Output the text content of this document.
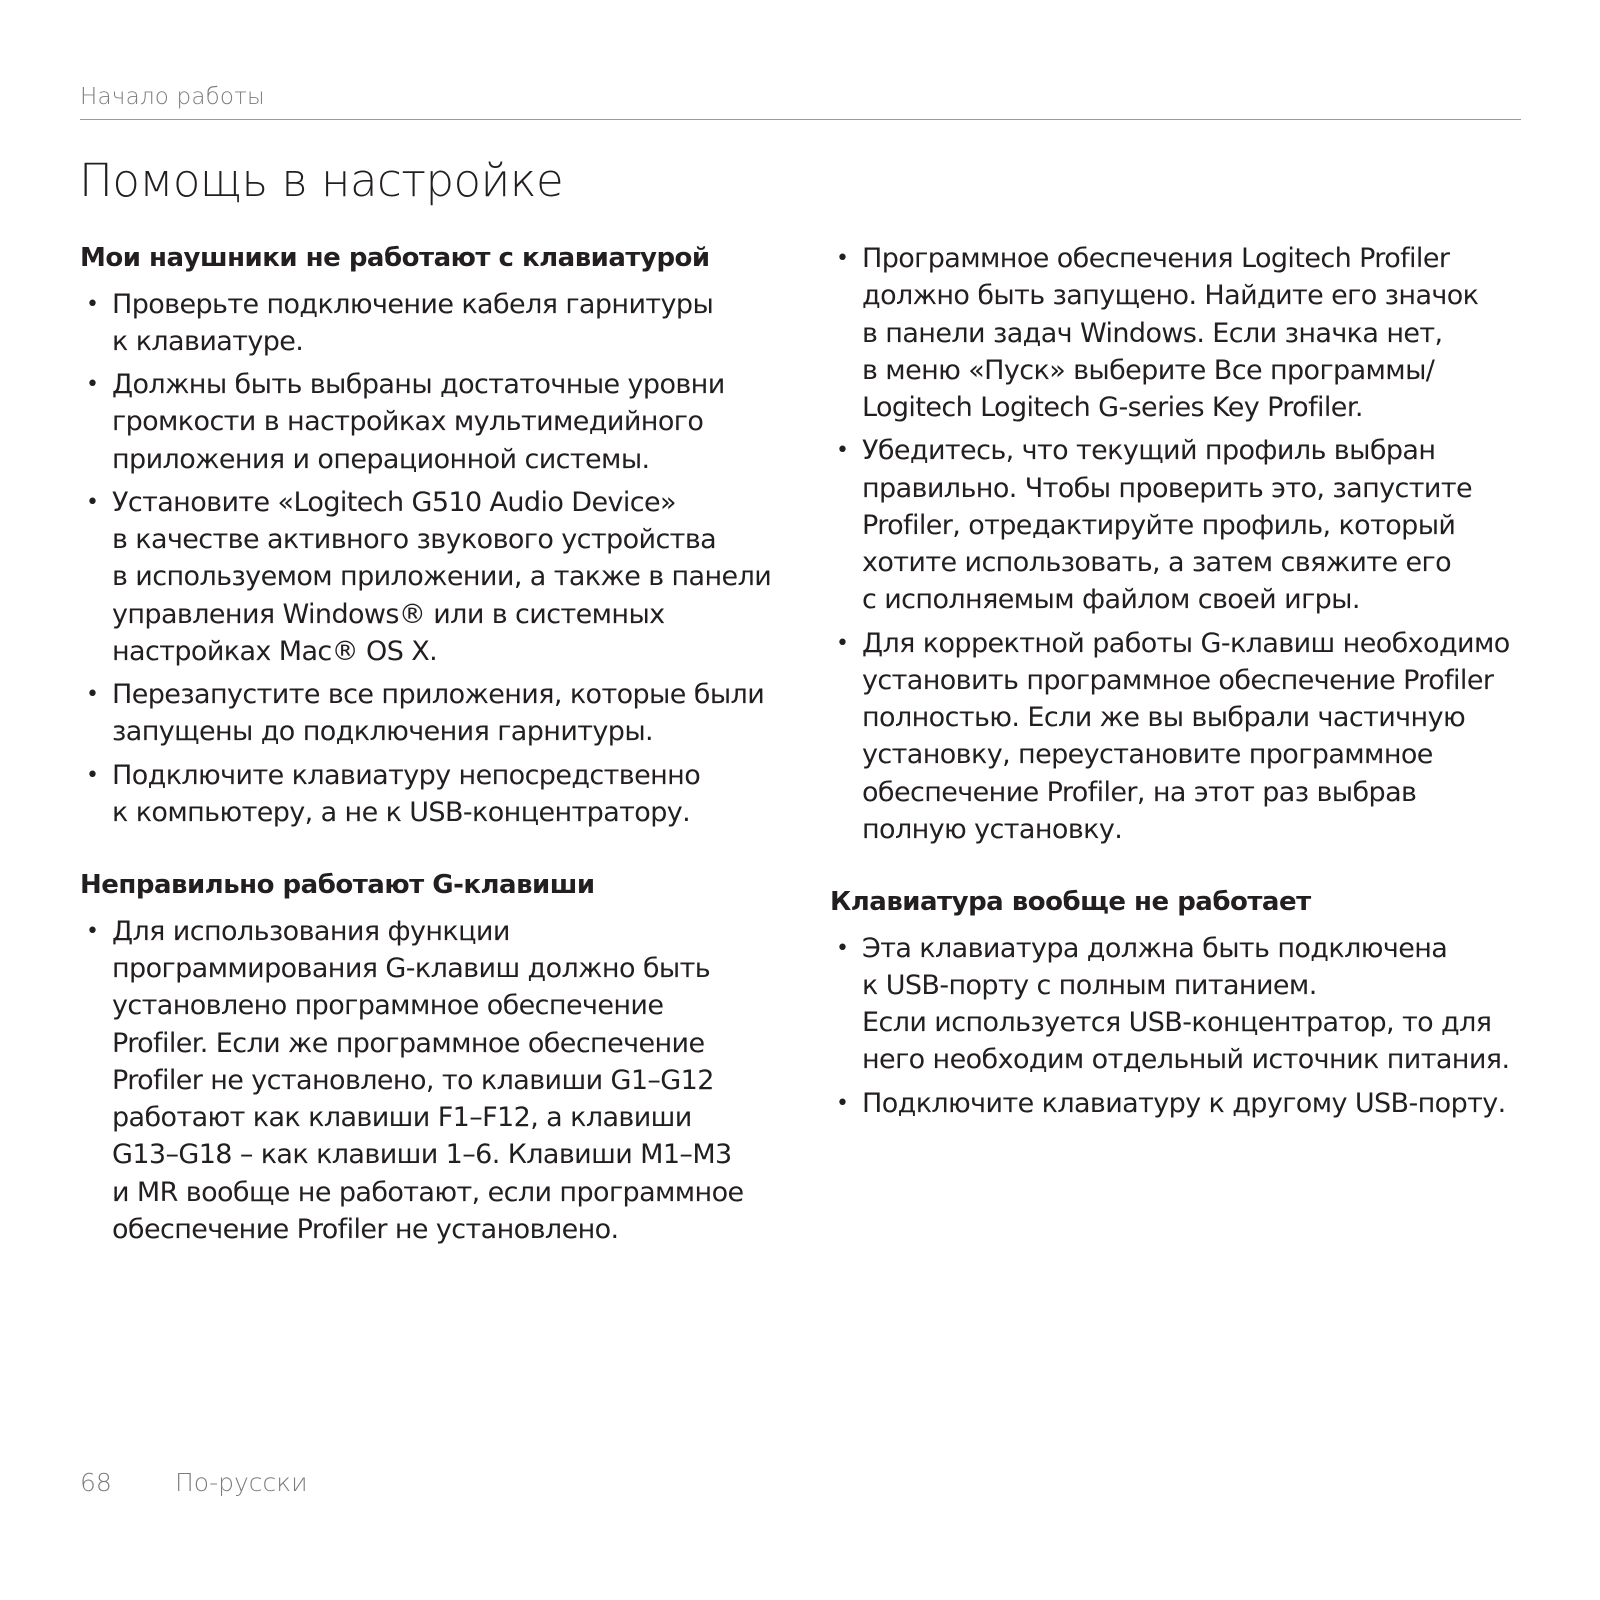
Начало работы
Помощь в настройке
Мои наушники не работают с клавиатурой
• Проверьте подключение кабеля гарнитуры
к клавиатуре.
• Должны быть выбраны достаточные уровни
громкости в настройках мультимедийного
приложения и операционной системы.
• Установите «Logitech G510 Audio Device»
в качестве активного звукового устройства
в используемом приложении, а также в панели
управления Windows® или в системных
настройках Mac® OS X.
• Перезапустите все приложения, которые были
запущены до подключения гарнитуры.
• Подключите клавиатуру непосредственно
к компьютеру, а не к USB-концентратору.
Неправильно работают G-клавиши
• Для использования функции
программирования G-клавиш должно быть
установлено программное обеспечение
Profiler. Если же программное обеспечение
Profiler не установлено, то клавиши G1–G12
работают как клавиши F1–F12, а клавиши
G13–G18 – как клавиши 1–6. Клавиши M1–M3
и MR вообще не работают, если программное
обеспечение Profiler не установлено.
• Программное обеспечения Logitech Profiler
должно быть запущено. Найдите его значок
в панели задач Windows. Если значка нет,
в меню «Пуск» выберите Все программы/
Logitech Logitech G-series Key Profiler.
• Убедитесь, что текущий профиль выбран
правильно. Чтобы проверить это, запустите
Profiler, отредактируйте профиль, который
хотите использовать, а затем свяжите его
с исполняемым файлом своей игры.
• Для корректной работы G-клавиш необходимо
установить программное обеспечение Profiler
полностью. Если же вы выбрали частичную
установку, переустановите программное
обеспечение Profiler, на этот раз выбрав
полную установку.
Клавиатура вообще не работает
• Эта клавиатура должна быть подключена
к USB-порту с полным питанием.
Если используется USB-концентратор, то для
него необходим отдельный источник питания.
• Подключите клавиатуру к другому USB-порту.
68	По-русски
